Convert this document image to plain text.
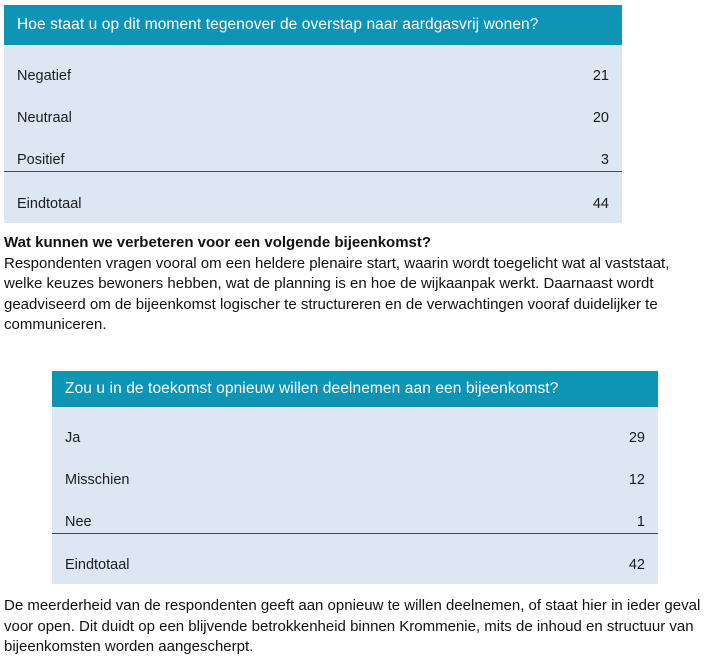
Hoe staat u op dit moment tegenover de overstap naar aardgasvrij wonen?
Negatief	21
Neutraal	20
Positief	3
Eindtotaal	44
Wat kunnen we verbeteren voor een volgende bijeenkomst?

Respondenten vragen vooral om een heldere plenaire start, waarin wordt toegelicht wat al vaststaat, welke keuzes bewoners hebben, wat de planning is en hoe de wijkaanpak werkt. Daarnaast wordt geadviseerd om de bijeenkomst logischer te structureren en de verwachtingen vooraf duidelijker te communiceren.

Zou u in de toekomst opnieuw willen deelnemen aan een bijeenkomst?
Ja	29
Misschien	12
Nee	1
Eindtotaal	42

De meerderheid van de respondenten geeft aan opnieuw te willen deelnemen, of staat hier in ieder geval voor open. Dit duidt op een blijvende betrokkenheid binnen Krommenie, mits de inhoud en structuur van bijeenkomsten worden aangescherpt.
